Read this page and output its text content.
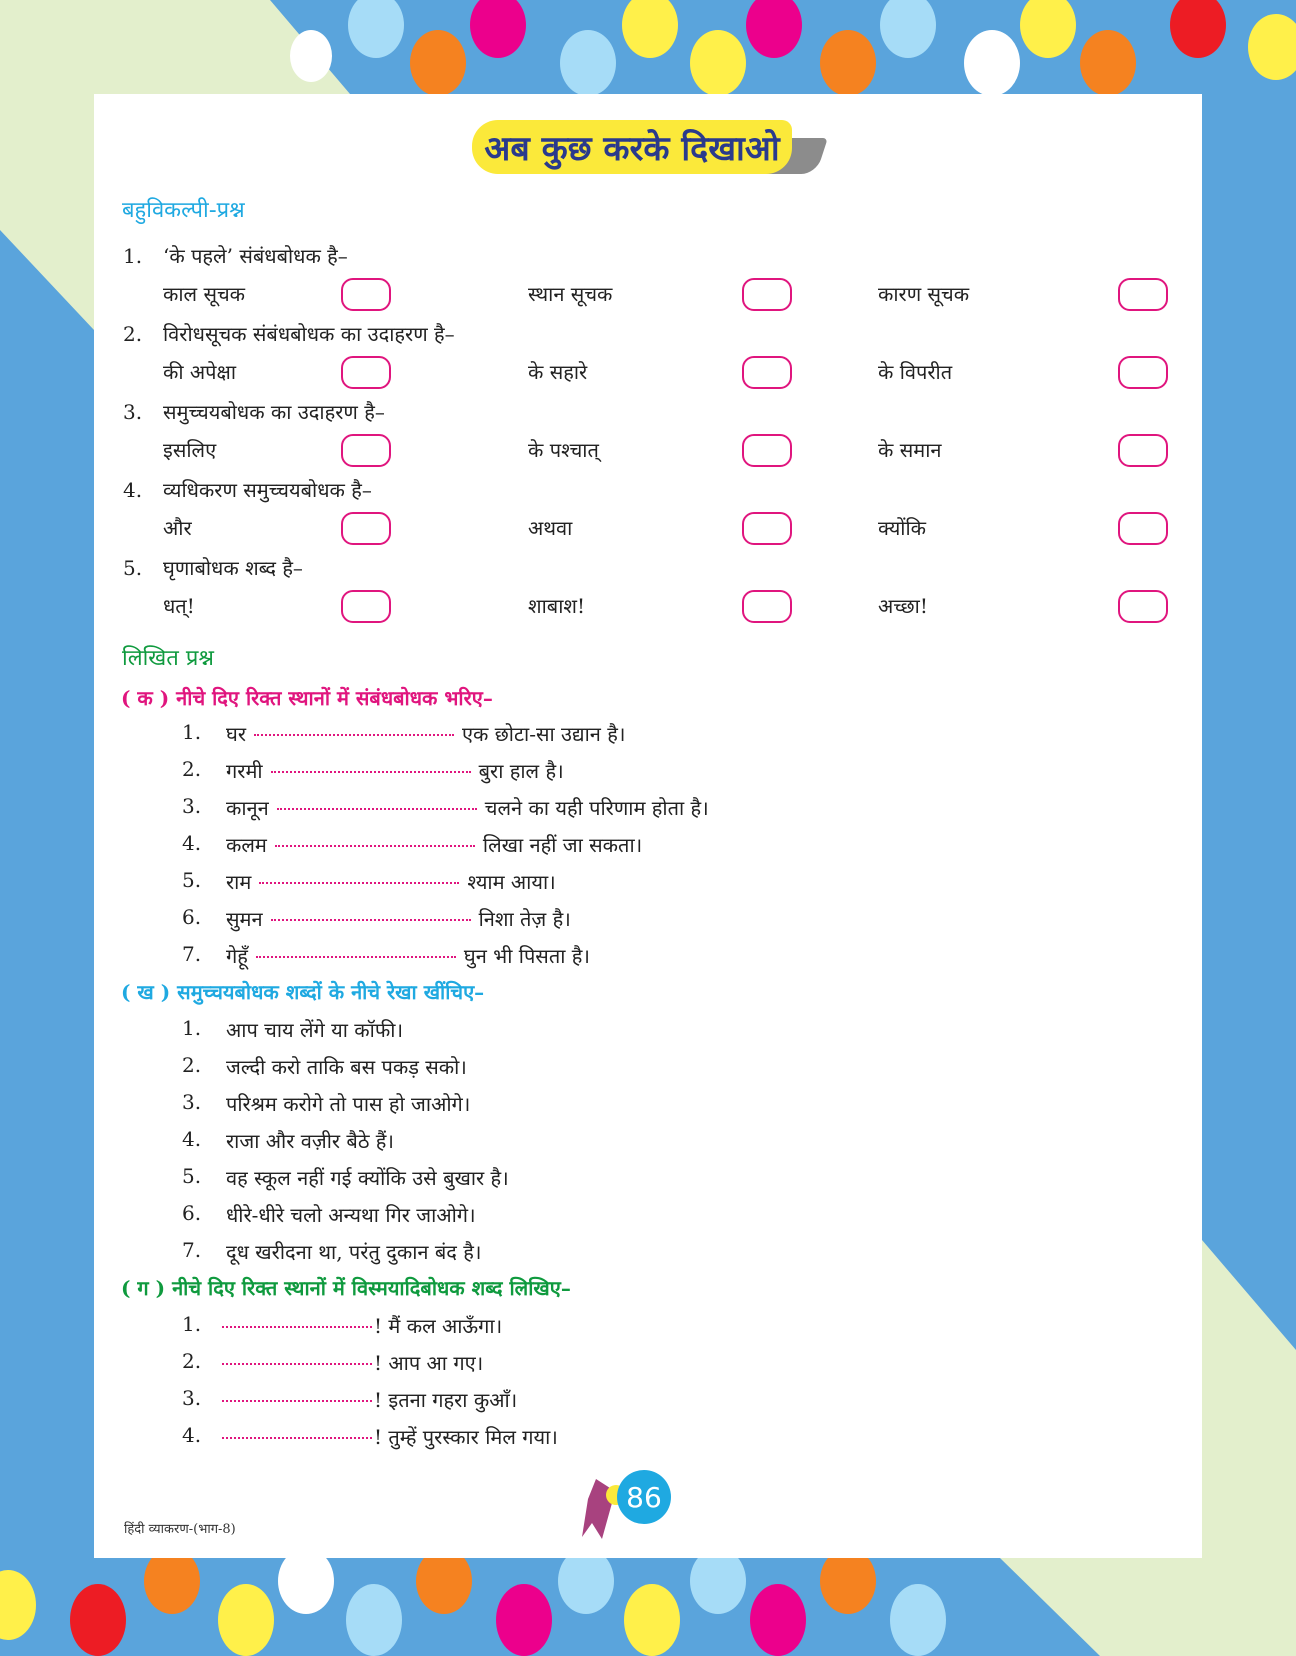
अब कुछ करके दिखाओ
बहुविकल्पी-प्रश्न
1. ‘के पहले’ संबंधबोधक है–
काल सूचक	स्थान सूचक	कारण सूचक
2. विरोधसूचक संबंधबोधक का उदाहरण है–
की अपेक्षा	के सहारे	के विपरीत
3. समुच्चयबोधक का उदाहरण है–
इसलिए	के पश्चात्	के समान
4. व्यधिकरण समुच्चयबोधक है–
और	अथवा	क्योंकि
5. घृणाबोधक शब्द है–
धत्!	शाबाश!	अच्छा!
लिखित प्रश्न
( क ) नीचे दिए रिक्त स्थानों में संबंधबोधक भरिए–
1. घर	एक छोटा-सा उद्यान है।
2. गरमी	बुरा हाल है।
3. कानून	चलने का यही परिणाम होता है।
4. कलम	लिखा नहीं जा सकता।
5. राम	श्याम आया।
6. सुमन	निशा तेज़ है।
7. गेहूँ	घुन भी पिसता है।
( ख ) समुच्चयबोधक शब्दों के नीचे रेखा खींचिए–
1. आप चाय लेंगे या कॉफी।
2. जल्दी करो ताकि बस पकड़ सको।
3. परिश्रम करोगे तो पास हो जाओगे।
4. राजा और वज़ीर बैठे हैं।
5. वह स्कूल नहीं गई क्योंकि उसे बुखार है।
6. धीरे-धीरे चलो अन्यथा गिर जाओगे।
7. दूध खरीदना था, परंतु दुकान बंद है।
( ग ) नीचे दिए रिक्त स्थानों में विस्मयादिबोधक शब्द लिखिए–
1.	! मैं कल आऊँगा।
2.	! आप आ गए।
3.	! इतना गहरा कुआँ।
4.	! तुम्हें पुरस्कार मिल गया।
हिंदी व्याकरण-(भाग-8)
86
